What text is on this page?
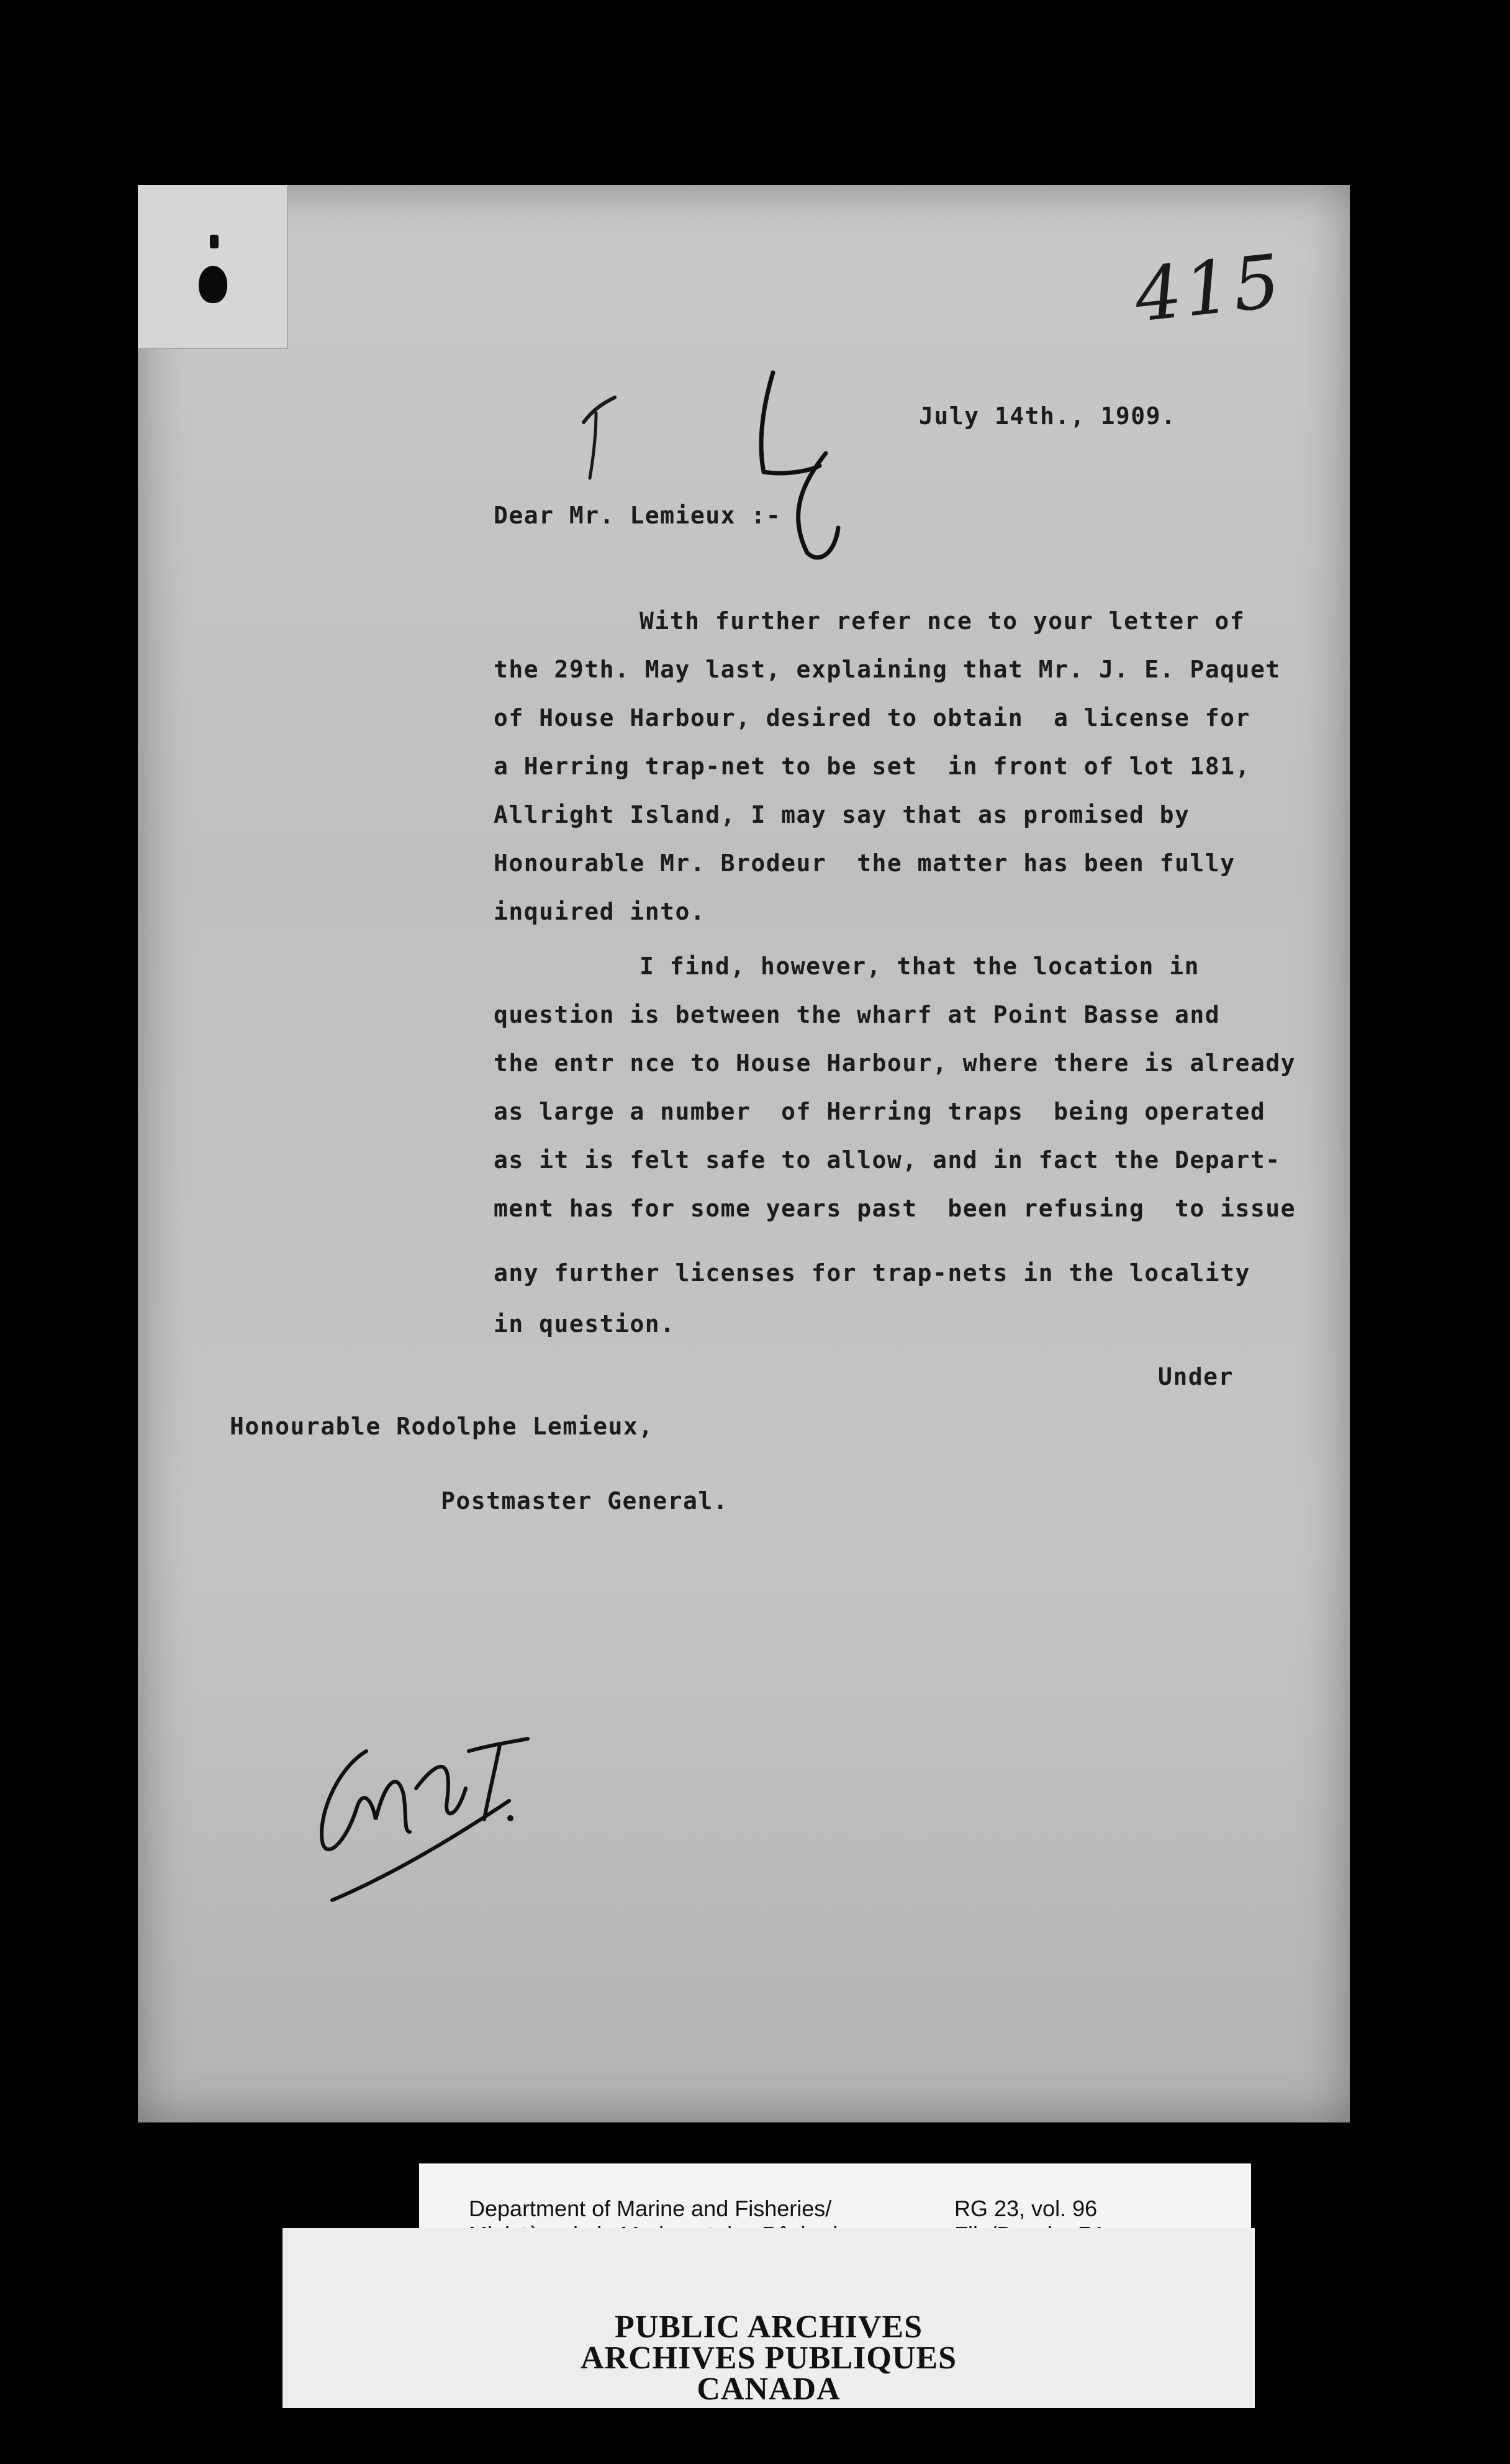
415
July 14th., 1909.
Dear Mr. Lemieux :-
With further refer nce to your letter of
the 29th. May last, explaining that Mr. J. E. Paquet
of House Harbour, desired to obtain  a license for
a Herring trap-net to be set  in front of lot 181,
Allright Island, I may say that as promised by
Honourable Mr. Brodeur  the matter has been fully
inquired into.
I find, however, that the location in
question is between the wharf at Point Basse and
the entr nce to House Harbour, where there is already
as large a number  of Herring traps  being operated
as it is felt safe to allow, and in fact the Depart-
ment has for some years past  been refusing  to issue
any further licenses for trap-nets in the locality
in question.
Under
Honourable Rodolphe Lemieux,
Postmaster General.
Department of Marine and Fisheries/	RG 23, vol. 96
PUBLIC ARCHIVES
ARCHIVES PUBLIQUES
CANADA
